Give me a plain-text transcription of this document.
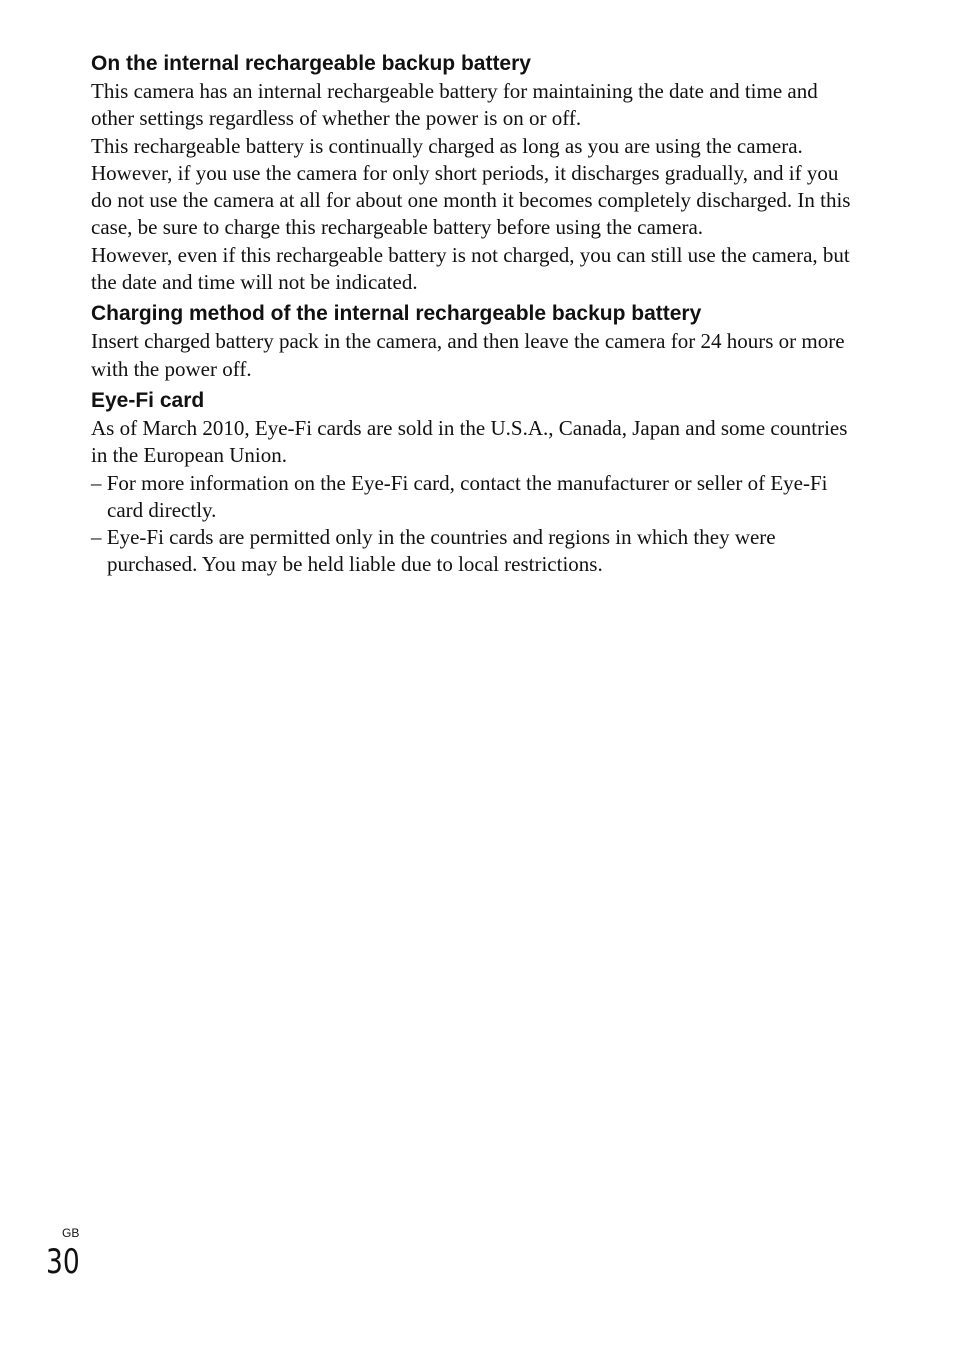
On the internal rechargeable backup battery

This camera has an internal rechargeable battery for maintaining the date and time and other settings regardless of whether the power is on or off.

This rechargeable battery is continually charged as long as you are using the camera. However, if you use the camera for only short periods, it discharges gradually, and if you do not use the camera at all for about one month it becomes completely discharged. In this case, be sure to charge this rechargeable battery before using the camera.

However, even if this rechargeable battery is not charged, you can still use the camera, but the date and time will not be indicated.

Charging method of the internal rechargeable backup battery

Insert charged battery pack in the camera, and then leave the camera for 24 hours or more with the power off.

Eye-Fi card

As of March 2010, Eye-Fi cards are sold in the U.S.A., Canada, Japan and some countries in the European Union.

– For more information on the Eye-Fi card, contact the manufacturer or seller of Eye-Fi card directly.
– Eye-Fi cards are permitted only in the countries and regions in which they were purchased. You may be held liable due to local restrictions.
GB
30
